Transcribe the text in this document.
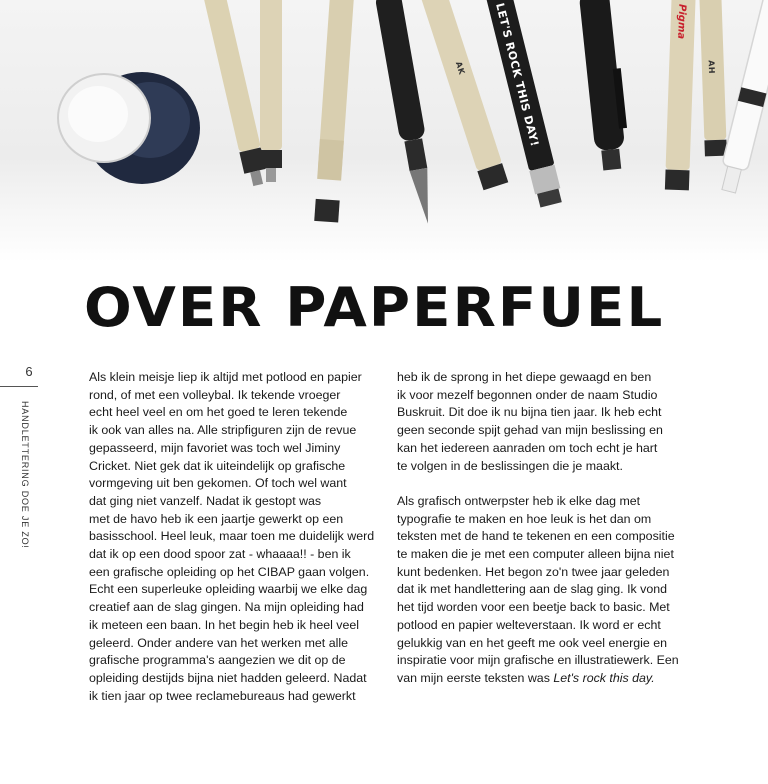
AK LET'S ROCK THIS DAY!	Pigma
AH
OVER PAPERFUEL
6
HANDLETTERING DOE JE ZO!

Als klein meisje liep ik altijd met potlood en papier
rond, of met een volleybal. Ik tekende vroeger
echt heel veel en om het goed te leren tekende
ik ook van alles na. Alle stripfiguren zijn de revue
gepasseerd, mijn favoriet was toch wel Jiminy
Cricket. Niet gek dat ik uiteindelijk op grafische
vormgeving uit ben gekomen. Of toch wel want
dat ging niet vanzelf. Nadat ik gestopt was
met de havo heb ik een jaartje gewerkt op een
basisschool. Heel leuk, maar toen me duidelijk werd
dat ik op een dood spoor zat - whaaaa!! - ben ik
een grafische opleiding op het CIBAP gaan volgen.
Echt een superleuke opleiding waarbij we elke dag
creatief aan de slag gingen. Na mijn opleiding had
ik meteen een baan. In het begin heb ik heel veel
geleerd. Onder andere van het werken met alle
grafische programma's aangezien we dit op de
opleiding destijds bijna niet hadden geleerd. Nadat
ik tien jaar op twee reclamebureaus had gewerkt

heb ik de sprong in het diepe gewaagd en ben
ik voor mezelf begonnen onder de naam Studio
Buskruit. Dit doe ik nu bijna tien jaar. Ik heb echt
geen seconde spijt gehad van mijn beslissing en
kan het iedereen aanraden om toch echt je hart
te volgen in de beslissingen die je maakt.

Als grafisch ontwerpster heb ik elke dag met
typografie te maken en hoe leuk is het dan om
teksten met de hand te tekenen en een compositie
te maken die je met een computer alleen bijna niet
kunt bedenken. Het begon zo'n twee jaar geleden
dat ik met handlettering aan de slag ging. Ik vond
het tijd worden voor een beetje back to basic. Met
potlood en papier welteverstaan. Ik word er echt
gelukkig van en het geeft me ook veel energie en
inspiratie voor mijn grafische en illustratiewerk. Een
van mijn eerste teksten was Let's rock this day.
